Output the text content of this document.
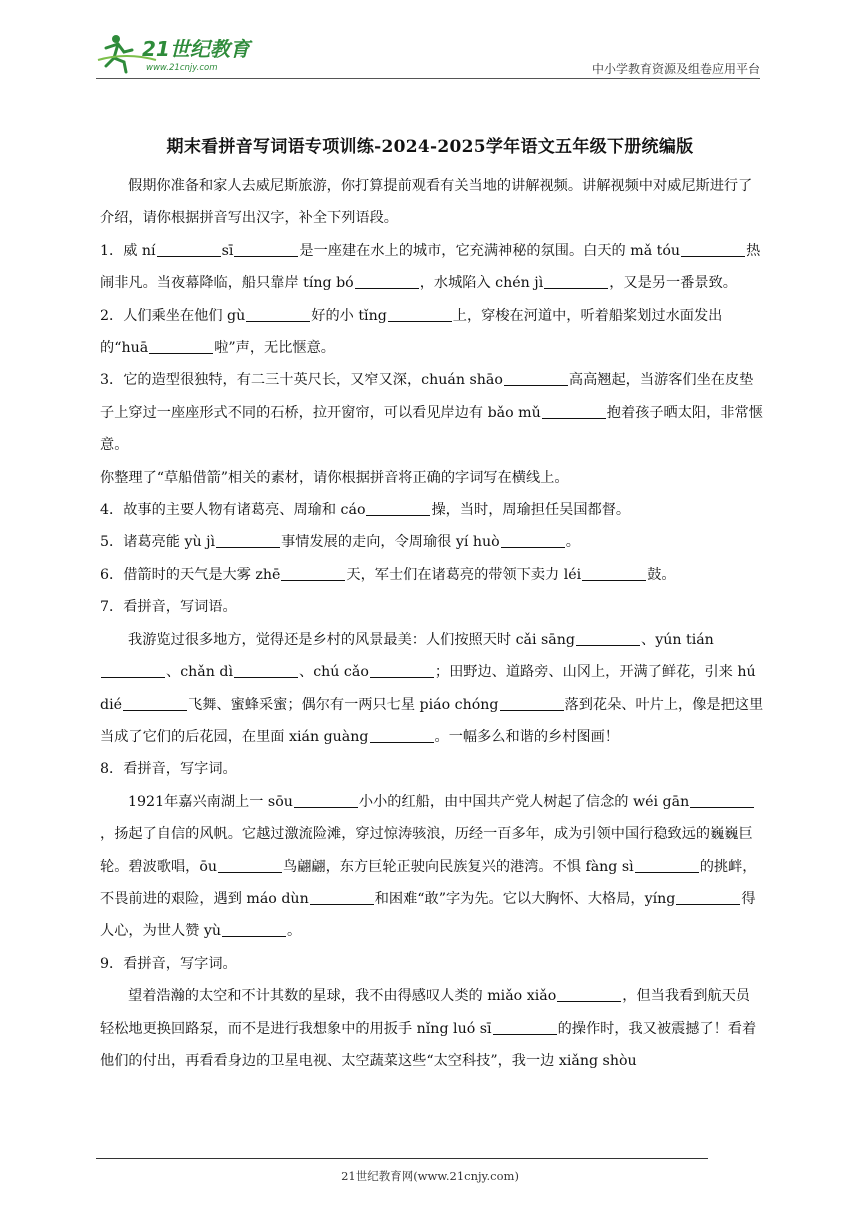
21世纪教育
www.21cnjy.com	中小学教育资源及组卷应用平台
期末看拼音写词语专项训练-2024-2025学年语文五年级下册统编版

假期你准备和家人去威尼斯旅游，你打算提前观看有关当地的讲解视频。讲解视频中对威尼斯进行了介绍，请你根据拼音写出汉字，补全下列语段。

1．威 ní	sī	是一座建在水上的城市，它充满神秘的氛围。白天的 mǎ tóu	热闹非凡。当夜幕降临，船只靠岸 tíng bó	，水城陷入 chén jì	，又是另一番景致。

2．人们乘坐在他们 gù	好的小 tǐng	上，穿梭在河道中，听着船桨划过水面发出的“huā	啦”声，无比惬意。

3．它的造型很独特，有二三十英尺长，又窄又深，chuán shāo	高高翘起，当游客们坐在皮垫子上穿过一座座形式不同的石桥，拉开窗帘，可以看见岸边有 bǎo mǔ	抱着孩子晒太阳，非常惬意。

你整理了“草船借箭”相关的素材，请你根据拼音将正确的字词写在横线上。

4．故事的主要人物有诸葛亮、周瑜和 cáo	操，当时，周瑜担任吴国都督。

5．诸葛亮能 yù jì	事情发展的走向，令周瑜很 yí huò	。

6．借箭时的天气是大雾 zhē	天，军士们在诸葛亮的带领下卖力 léi	鼓。

7．看拼音，写词语。

我游览过很多地方，觉得还是乡村的风景最美：人们按照天时 cǎi sāng	、yún tián、chǎn dì	、chú cǎo	；田野边、道路旁、山冈上，开满了鲜花，引来 hú dié	飞舞、蜜蜂采蜜；偶尔有一两只七星 piáo chóng	落到花朵、叶片上，像是把这里当成了它们的后花园，在里面 xián guàng	。一幅多么和谐的乡村图画！

8．看拼音，写字词。

1921年嘉兴南湖上一 sōu	小小的红船，由中国共产党人树起了信念的 wéi gān，扬起了自信的风帆。它越过激流险滩，穿过惊涛骇浪，历经一百多年，成为引领中国行稳致远的巍巍巨轮。碧波歌唱，ōu	鸟翩翩，东方巨轮正驶向民族复兴的港湾。不惧 fàng sì	的挑衅，不畏前进的艰险，遇到 máo dùn	和困难“敢”字为先。它以大胸怀、大格局，yíng	得人心，为世人赞 yù	。

9．看拼音，写字词。

望着浩瀚的太空和不计其数的星球，我不由得感叹人类的 miǎo xiǎo	，但当我看到航天员轻松地更换回路泵，而不是进行我想象中的用扳手 nǐng luó sī	的操作时，我又被震撼了！看着他们的付出，再看看身边的卫星电视、太空蔬菜这些“太空科技”，我一边 xiǎng shòu

21世纪教育网(www.21cnjy.com)
